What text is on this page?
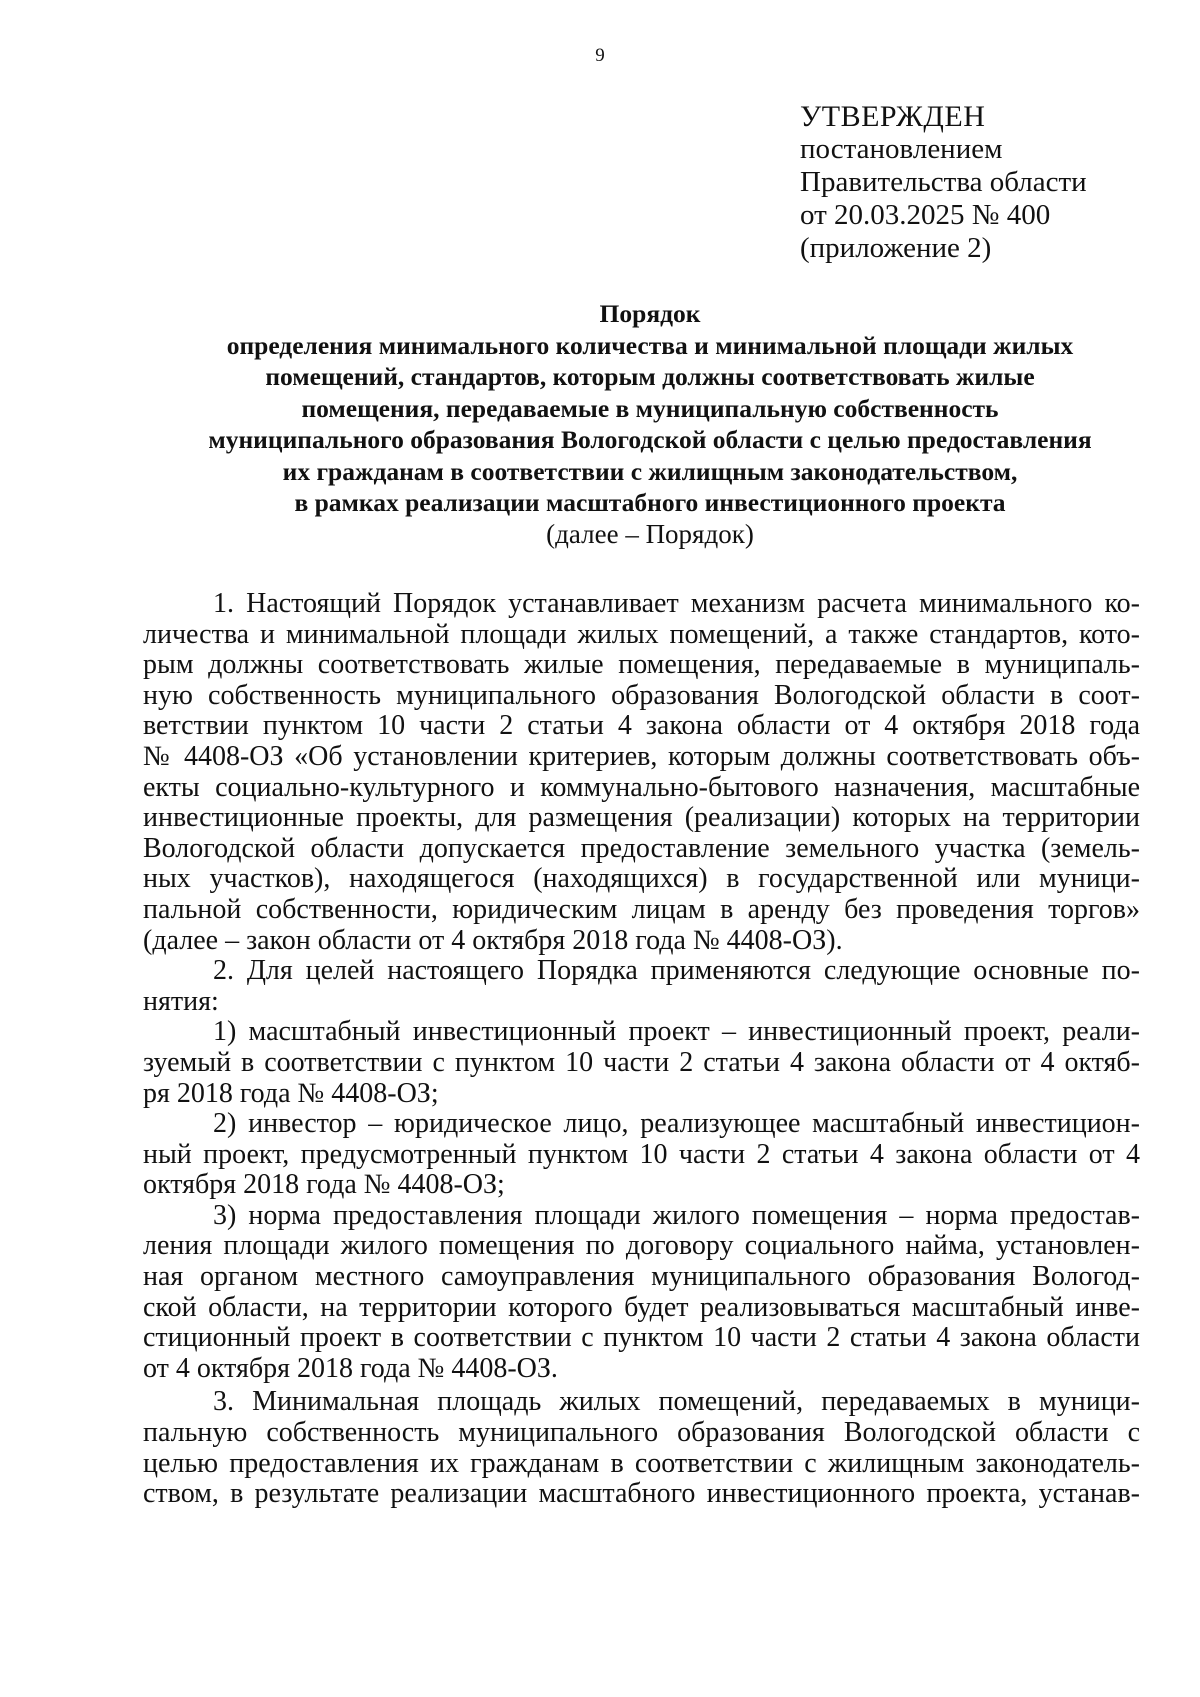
9
УТВЕРЖДЕН
постановлением
Правительства области
от 20.03.2025 № 400
(приложение 2)
Порядок
определения минимального количества и минимальной площади жилых
помещений, стандартов, которым должны соответствовать жилые
помещения, передаваемые в муниципальную собственность
муниципального образования Вологодской области с целью предоставления
их гражданам в соответствии с жилищным законодательством,
в рамках реализации масштабного инвестиционного проекта
(далее – Порядок)
1. Настоящий Порядок устанавливает механизм расчета минимального ко-
личества и минимальной площади жилых помещений, а также стандартов, кото-
рым должны соответствовать жилые помещения, передаваемые в муниципаль-
ную собственность муниципального образования Вологодской области в соот-
ветствии пунктом 10 части 2 статьи 4 закона области от 4 октября 2018 года
№ 4408-ОЗ «Об установлении критериев, которым должны соответствовать объ-
екты социально-культурного и коммунально-бытового назначения, масштабные
инвестиционные проекты, для размещения (реализации) которых на территории
Вологодской области допускается предоставление земельного участка (земель-
ных участков), находящегося (находящихся) в государственной или муници-
пальной собственности, юридическим лицам в аренду без проведения торгов»
(далее – закон области от 4 октября 2018 года № 4408-ОЗ).
2. Для целей настоящего Порядка применяются следующие основные по-
нятия:
1) масштабный инвестиционный проект – инвестиционный проект, реали-
зуемый в соответствии с пунктом 10 части 2 статьи 4 закона области от 4 октяб-
ря 2018 года № 4408-ОЗ;
2) инвестор – юридическое лицо, реализующее масштабный инвестицион-
ный проект, предусмотренный пунктом 10 части 2 статьи 4 закона области от 4
октября 2018 года № 4408-ОЗ;
3) норма предоставления площади жилого помещения – норма предостав-
ления площади жилого помещения по договору социального найма, установлен-
ная органом местного самоуправления муниципального образования Вологод-
ской области, на территории которого будет реализовываться масштабный инве-
стиционный проект в соответствии с пунктом 10 части 2 статьи 4 закона области
от 4 октября 2018 года № 4408-ОЗ.
3. Минимальная площадь жилых помещений, передаваемых в муници-
пальную собственность муниципального образования Вологодской области с
целью предоставления их гражданам в соответствии с жилищным законодатель-
ством, в результате реализации масштабного инвестиционного проекта, устанав-
